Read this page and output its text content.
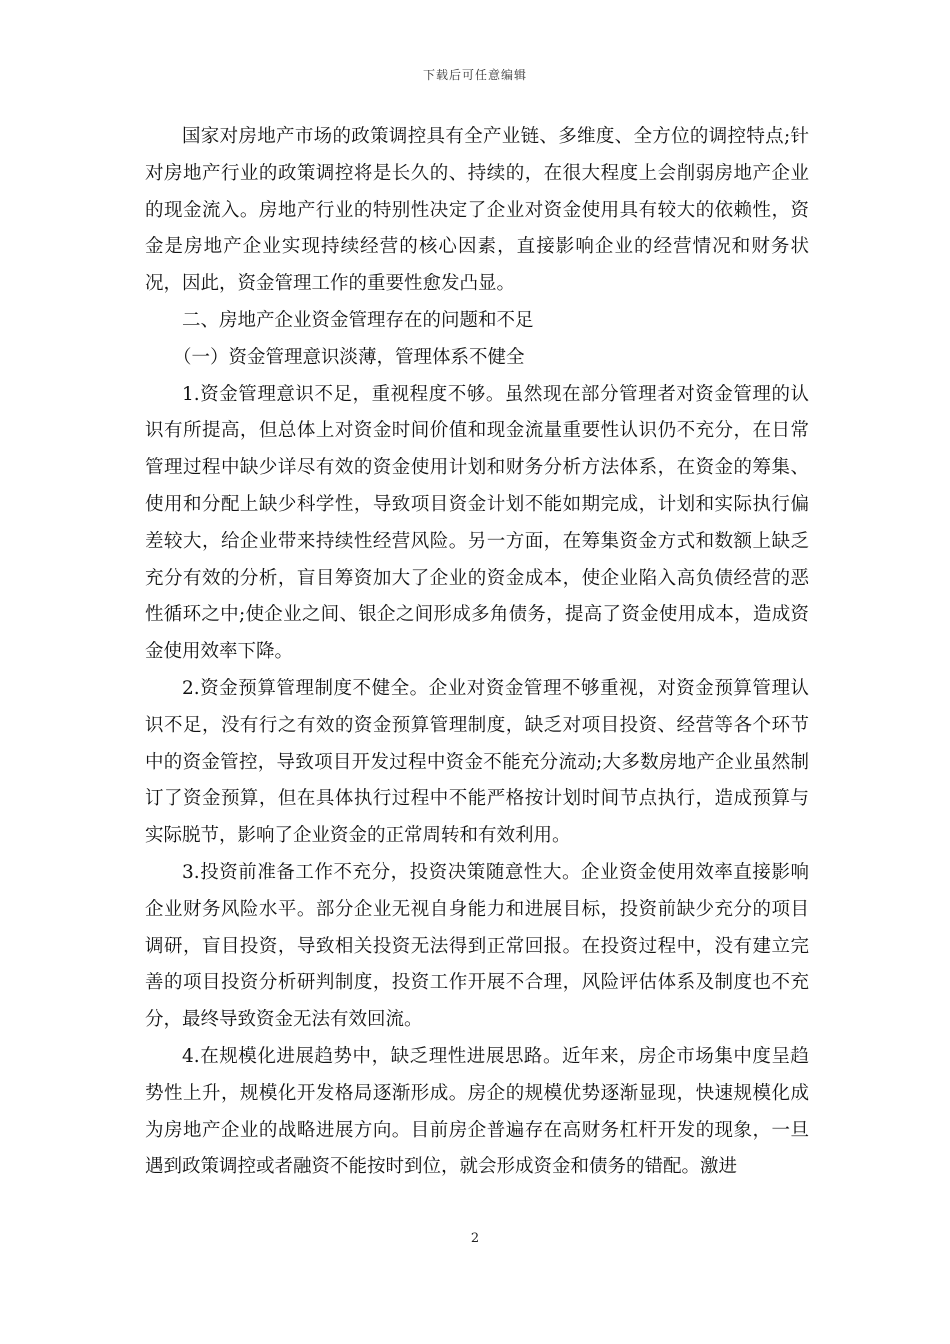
下载后可任意编辑

国家对房地产市场的政策调控具有全产业链、多维度、全方位的调控特点;针对房地产行业的政策调控将是长久的、持续的，在很大程度上会削弱房地产企业的现金流入。房地产行业的特别性决定了企业对资金使用具有较大的依赖性，资金是房地产企业实现持续经营的核心因素，直接影响企业的经营情况和财务状况，因此，资金管理工作的重要性愈发凸显。

二、房地产企业资金管理存在的问题和不足

（一）资金管理意识淡薄，管理体系不健全

1.资金管理意识不足，重视程度不够。虽然现在部分管理者对资金管理的认识有所提高，但总体上对资金时间价值和现金流量重要性认识仍不充分，在日常管理过程中缺少详尽有效的资金使用计划和财务分析方法体系，在资金的筹集、使用和分配上缺少科学性，导致项目资金计划不能如期完成，计划和实际执行偏差较大，给企业带来持续性经营风险。另一方面，在筹集资金方式和数额上缺乏充分有效的分析，盲目筹资加大了企业的资金成本，使企业陷入高负债经营的恶性循环之中;使企业之间、银企之间形成多角债务，提高了资金使用成本，造成资金使用效率下降。

2.资金预算管理制度不健全。企业对资金管理不够重视，对资金预算管理认识不足，没有行之有效的资金预算管理制度，缺乏对项目投资、经营等各个环节中的资金管控，导致项目开发过程中资金不能充分流动;大多数房地产企业虽然制订了资金预算，但在具体执行过程中不能严格按计划时间节点执行，造成预算与实际脱节，影响了企业资金的正常周转和有效利用。

3.投资前准备工作不充分，投资决策随意性大。企业资金使用效率直接影响企业财务风险水平。部分企业无视自身能力和进展目标，投资前缺少充分的项目调研，盲目投资，导致相关投资无法得到正常回报。在投资过程中，没有建立完善的项目投资分析研判制度，投资工作开展不合理，风险评估体系及制度也不充分，最终导致资金无法有效回流。

4.在规模化进展趋势中，缺乏理性进展思路。近年来，房企市场集中度呈趋势性上升，规模化开发格局逐渐形成。房企的规模优势逐渐显现，快速规模化成为房地产企业的战略进展方向。目前房企普遍存在高财务杠杆开发的现象，一旦遇到政策调控或者融资不能按时到位，就会形成资金和债务的错配。激进

2
